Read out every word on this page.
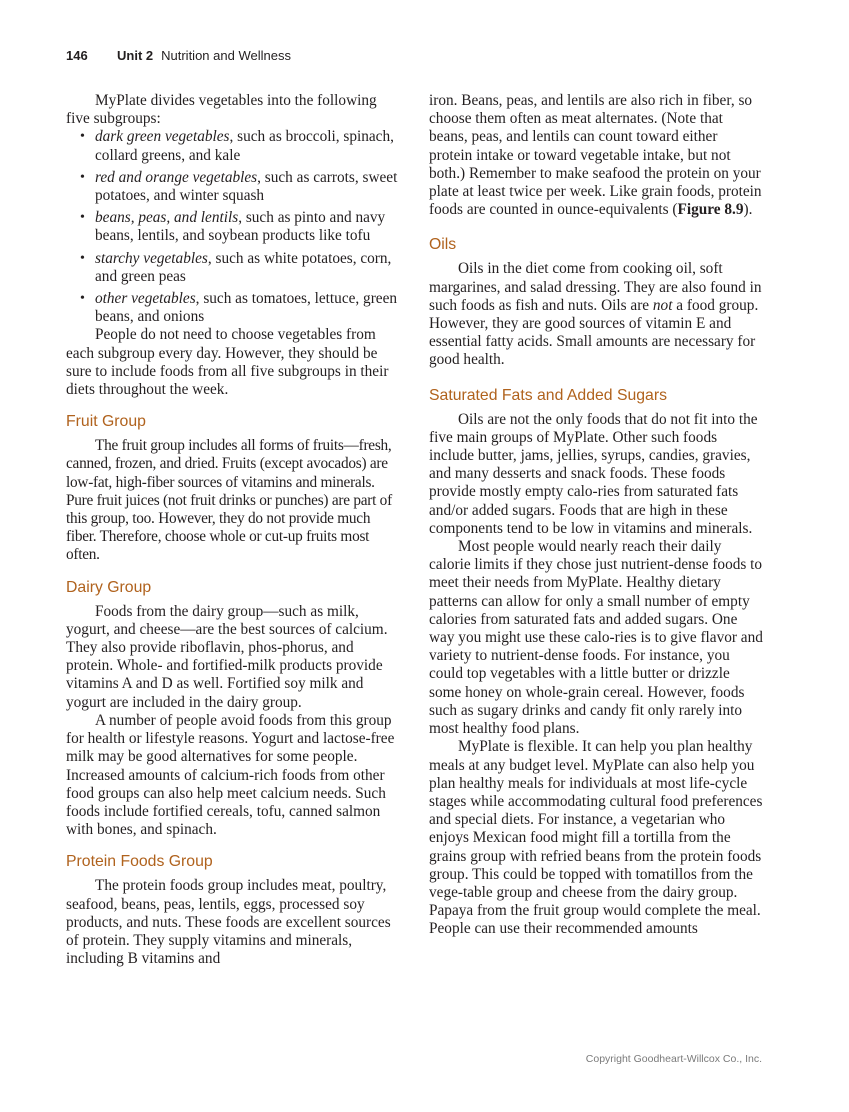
146 Unit 2 Nutrition and Wellness

MyPlate divides vegetables into the following five subgroups:

• dark green vegetables, such as broccoli, spinach, collard greens, and kale
• red and orange vegetables, such as carrots, sweet potatoes, and winter squash
• beans, peas, and lentils, such as pinto and navy beans, lentils, and soybean products like tofu
• starchy vegetables, such as white potatoes, corn, and green peas
• other vegetables, such as tomatoes, lettuce, green beans, and onions

People do not need to choose vegetables from each subgroup every day. However, they should be sure to include foods from all five subgroups in their diets throughout the week.

Fruit Group

The fruit group includes all forms of fruits—fresh, canned, frozen, and dried. Fruits (except avocados) are low-fat, high-fiber sources of vitamins and minerals. Pure fruit juices (not fruit drinks or punches) are part of this group, too. However, they do not provide much fiber. Therefore, choose whole or cut-up fruits most often.

Dairy Group

Foods from the dairy group—such as milk, yogurt, and cheese—are the best sources of calcium. They also provide riboflavin, phos-phorus, and protein. Whole- and fortified-milk products provide vitamins A and D as well. Fortified soy milk and yogurt are included in the dairy group.

A number of people avoid foods from this group for health or lifestyle reasons. Yogurt and lactose-free milk may be good alternatives for some people. Increased amounts of calcium-rich foods from other food groups can also help meet calcium needs. Such foods include fortified cereals, tofu, canned salmon with bones, and spinach.

Protein Foods Group

The protein foods group includes meat, poultry, seafood, beans, peas, lentils, eggs, processed soy products, and nuts. These foods are excellent sources of protein. They supply vitamins and minerals, including B vitamins and

iron. Beans, peas, and lentils are also rich in fiber, so choose them often as meat alternates. (Note that beans, peas, and lentils can count toward either protein intake or toward vegetable intake, but not both.) Remember to make seafood the protein on your plate at least twice per week. Like grain foods, protein foods are counted in ounce-equivalents (Figure 8.9).

Oils

Oils in the diet come from cooking oil, soft margarines, and salad dressing. They are also found in such foods as fish and nuts. Oils are not a food group. However, they are good sources of vitamin E and essential fatty acids. Small amounts are necessary for good health.

Saturated Fats and Added Sugars

Oils are not the only foods that do not fit into the five main groups of MyPlate. Other such foods include butter, jams, jellies, syrups, candies, gravies, and many desserts and snack foods. These foods provide mostly empty calo-ries from saturated fats and/or added sugars. Foods that are high in these components tend to be low in vitamins and minerals.

Most people would nearly reach their daily calorie limits if they chose just nutrient-dense foods to meet their needs from MyPlate. Healthy dietary patterns can allow for only a small number of empty calories from saturated fats and added sugars. One way you might use these calo-ries is to give flavor and variety to nutrient-dense foods. For instance, you could top vegetables with a little butter or drizzle some honey on whole-grain cereal. However, foods such as sugary drinks and candy fit only rarely into most healthy food plans.

MyPlate is flexible. It can help you plan healthy meals at any budget level. MyPlate can also help you plan healthy meals for individuals at most life-cycle stages while accommodating cultural food preferences and special diets. For instance, a vegetarian who enjoys Mexican food might fill a tortilla from the grains group with refried beans from the protein foods group. This could be topped with tomatillos from the vege-table group and cheese from the dairy group. Papaya from the fruit group would complete the meal. People can use their recommended amounts

Copyright Goodheart-Willcox Co., Inc.
